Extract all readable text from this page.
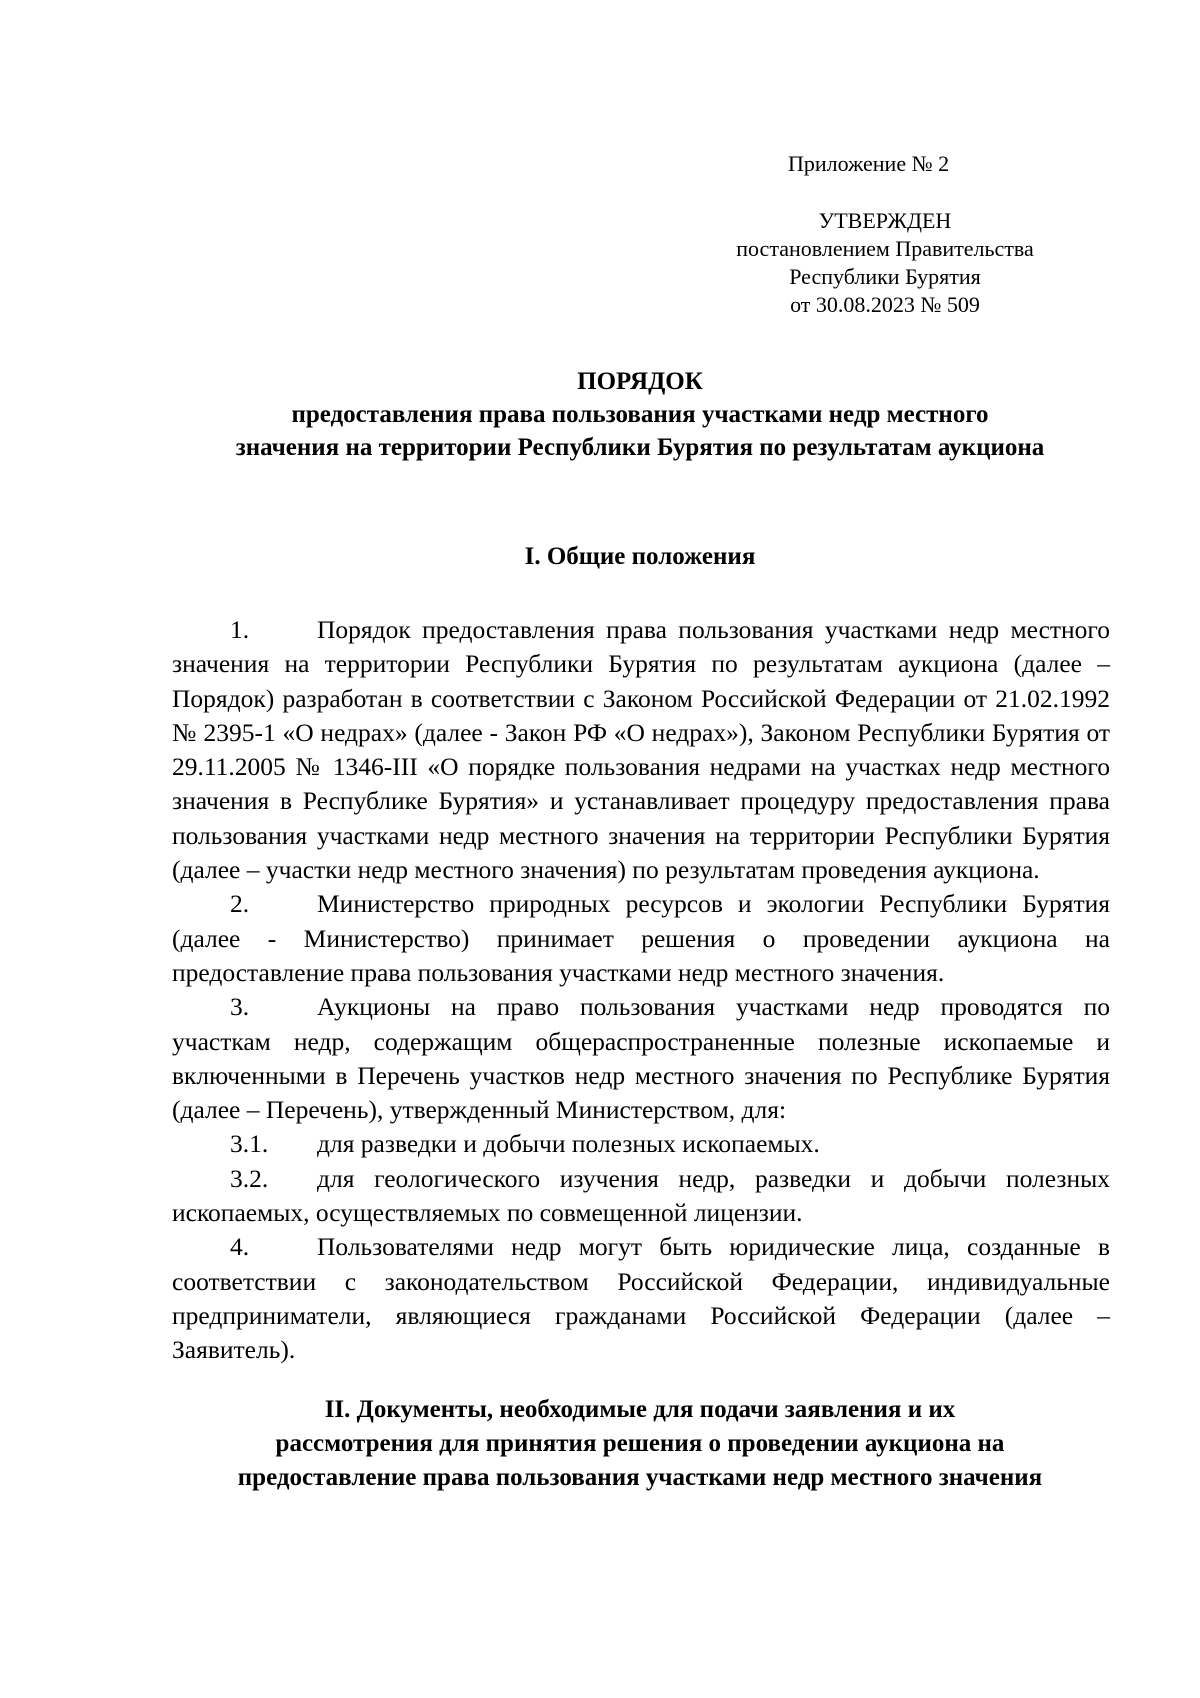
Приложение № 2
УТВЕРЖДЕН
постановлением Правительства
Республики Бурятия
от 30.08.2023 № 509
ПОРЯДОК
предоставления права пользования участками недр местного
значения на территории Республики Бурятия по результатам аукциона
I. Общие положения

1.	Порядок предоставления права пользования участками недр местного значения на территории Республики Бурятия по результатам аукциона (далее – Порядок) разработан в соответствии с Законом Российской Федерации от 21.02.1992 № 2395-1 «О недрах» (далее - Закон РФ «О недрах»), Законом Республики Бурятия от 29.11.2005 № 1346-III «О порядке пользования недрами на участках недр местного значения в Республике Бурятия» и устанавливает процедуру предоставления права пользования участками недр местного значения на территории Республики Бурятия (далее – участки недр местного значения) по результатам проведения аукциона.

2.	Министерство природных ресурсов и экологии Республики Бурятия (далее - Министерство) принимает решения о проведении аукциона на предоставление права пользования участками недр местного значения.

3.	Аукционы на право пользования участками недр проводятся по участкам недр, содержащим общераспространенные полезные ископаемые и включенными в Перечень участков недр местного значения по Республике Бурятия (далее – Перечень), утвержденный Министерством, для:

3.1. для разведки и добычи полезных ископаемых.

3.2. для геологического изучения недр, разведки и добычи полезных ископаемых, осуществляемых по совмещенной лицензии.

4.	Пользователями недр могут быть юридические лица, созданные в соответствии с законодательством Российской Федерации, индивидуальные предприниматели, являющиеся гражданами Российской Федерации (далее – Заявитель).

II. Документы, необходимые для подачи заявления и их
рассмотрения для принятия решения о проведении аукциона на
предоставление права пользования участками недр местного значения
